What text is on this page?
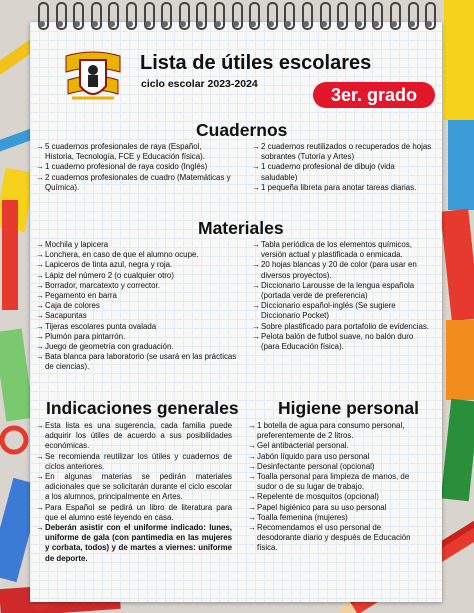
Lista de útiles escolares
ciclo escolar 2023-2024
3er. grado
Cuadernos
→ 5 cuadernos profesionales de raya (Español, Historia, Tecnología, FCE y Educación física).
→ 1 cuaderno profesional de raya cosido (Inglés)
→ 2 cuadernos profesionales de cuadro (Matemáticas y Química).
→ 2 cuadernos reutilizados o recuperados de hojas sobrantes (Tutoría y Artes)
→ 1 cuaderno profesional de dibujo (vida saludable)
→ 1 pequeña libreta para anotar tareas diarias.
Materiales
→ Mochila y lapicera
→ Lonchera, en caso de que el alumno ocupe.
→ Lapiceros de tinta azul, negra y roja.
→ Lápiz del número 2 (o cualquier otro)
→ Borrador, marcatexto y corrector.
→ Pegamento en barra
→ Caja de colores
→ Sacapuntas
→ Tijeras escolares punta ovalada
→ Plumón para pintarrón.
→ Juego de geometría con graduación.
→ Bata blanca para laboratorio (se usará en las prácticas de ciencias).
→ Tabla periódica de los elementos químicos, versión actual y plastificada o enmicada.
→ 20 hojas blancas y 20 de color (para usar en diversos proyectos).
→ Diccionario Larousse de la lengua española (portada verde de preferencia)
→ Diccionario español-inglés (Se sugiere Diccionario Pocket)
→ Sobre plastificado para portafolio de evidencias.
→ Pelota balón de futbol suave, no balón duro (para Educación física).
Indicaciones generales
→ Esta lista es una sugerencia, cada familia puede adquirir los útiles de acuerdo a sus posibilidades económicas.
→ Se recomienda reutilizar los útiles y cuadernos de ciclos anteriores.
→ En algunas materias se pedirán materiales adicionales que se solicitarán durante el ciclo escolar a los alumnos, principalmente en Artes.
→ Para Español se pedirá un libro de literatura para que el alumno esté leyendo en casa.
→ Deberán asistir con el uniforme indicado: lunes, uniforme de gala (con pantimedia en las mujeres y corbata, todos) y de martes a viernes: uniforme de deporte.
Higiene personal
→ 1 botella de agua para consumo personal, preferentemente de 2 litros.
→ Gel antibacterial personal.
→ Jabón líquido para uso personal
→ Desinfectante personal (opcional)
→ Toalla personal para limpieza de manos, de sudor o de su lugar de trabajo.
→ Repelente de mosquitos (opcional)
→ Papel higiénico para su uso personal
→ Toalla femenina (mujeres)
→ Recomendamos el uso personal de desodorante diario y después de Educación física.
